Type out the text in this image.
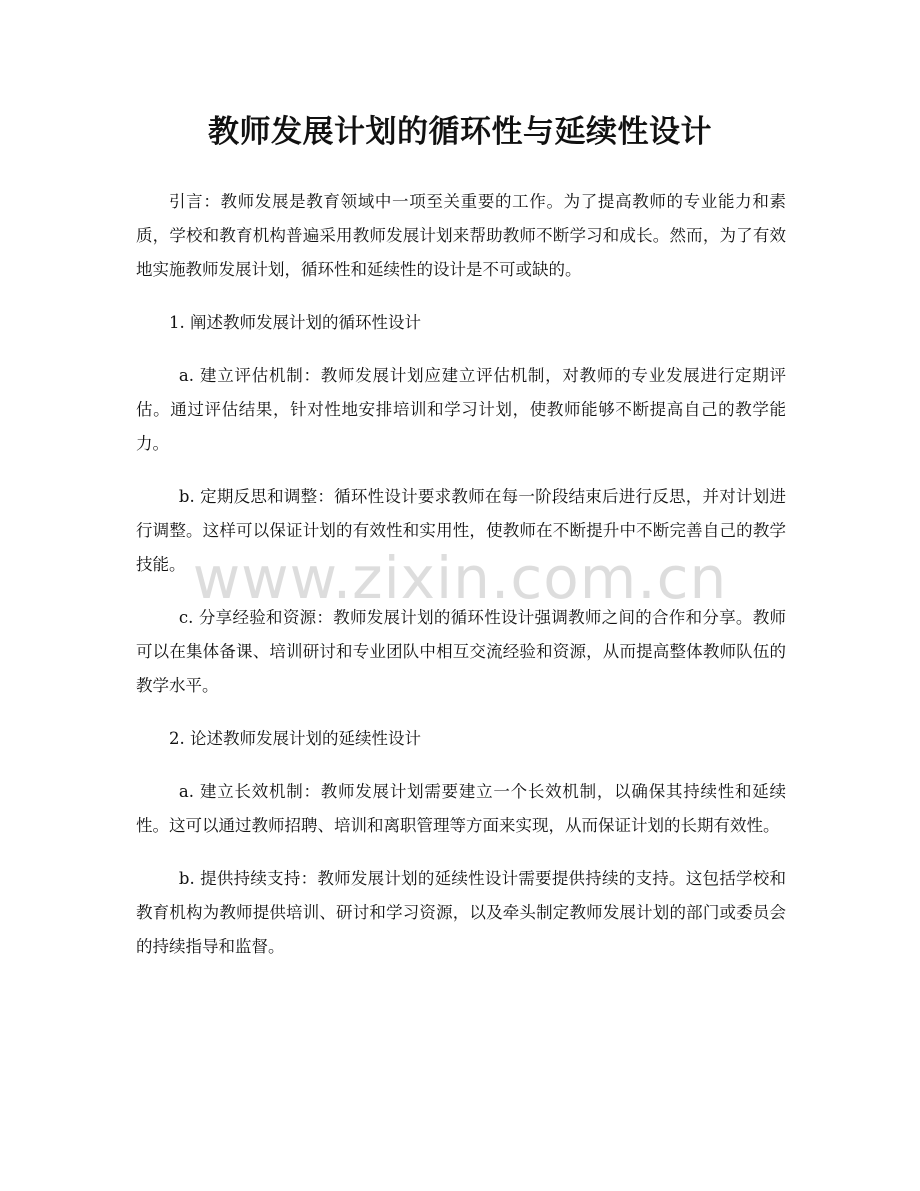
教师发展计划的循环性与延续性设计

引言：教师发展是教育领域中一项至关重要的工作。为了提高教师的专业能力和素质，学校和教育机构普遍采用教师发展计划来帮助教师不断学习和成长。然而，为了有效地实施教师发展计划，循环性和延续性的设计是不可或缺的。

1. 阐述教师发展计划的循环性设计

a. 建立评估机制：教师发展计划应建立评估机制，对教师的专业发展进行定期评估。通过评估结果，针对性地安排培训和学习计划，使教师能够不断提高自己的教学能力。

b. 定期反思和调整：循环性设计要求教师在每一阶段结束后进行反思，并对计划进行调整。这样可以保证计划的有效性和实用性，使教师在不断提升中不断完善自己的教学技能。

c. 分享经验和资源：教师发展计划的循环性设计强调教师之间的合作和分享。教师可以在集体备课、培训研讨和专业团队中相互交流经验和资源，从而提高整体教师队伍的教学水平。

2. 论述教师发展计划的延续性设计

a. 建立长效机制：教师发展计划需要建立一个长效机制，以确保其持续性和延续性。这可以通过教师招聘、培训和离职管理等方面来实现，从而保证计划的长期有效性。

b. 提供持续支持：教师发展计划的延续性设计需要提供持续的支持。这包括学校和教育机构为教师提供培训、研讨和学习资源，以及牵头制定教师发展计划的部门或委员会的持续指导和监督。

www.zixin.com.cn
